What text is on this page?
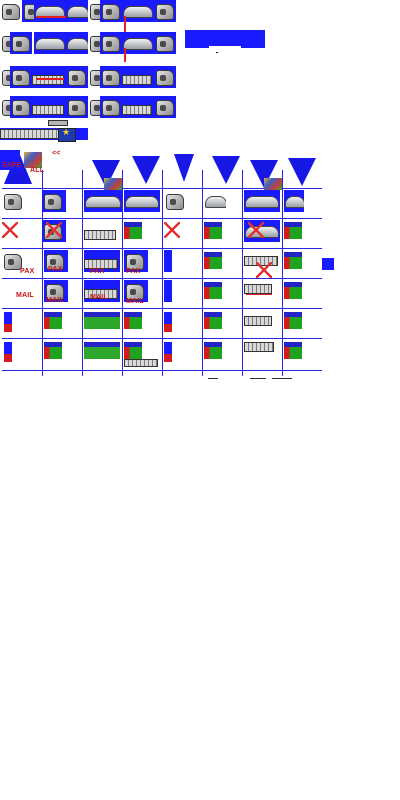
★
SAFE
ALL
<<
PAX PAX	PAX	PAX
MAIL
MAIL	MAIL
MAIL
